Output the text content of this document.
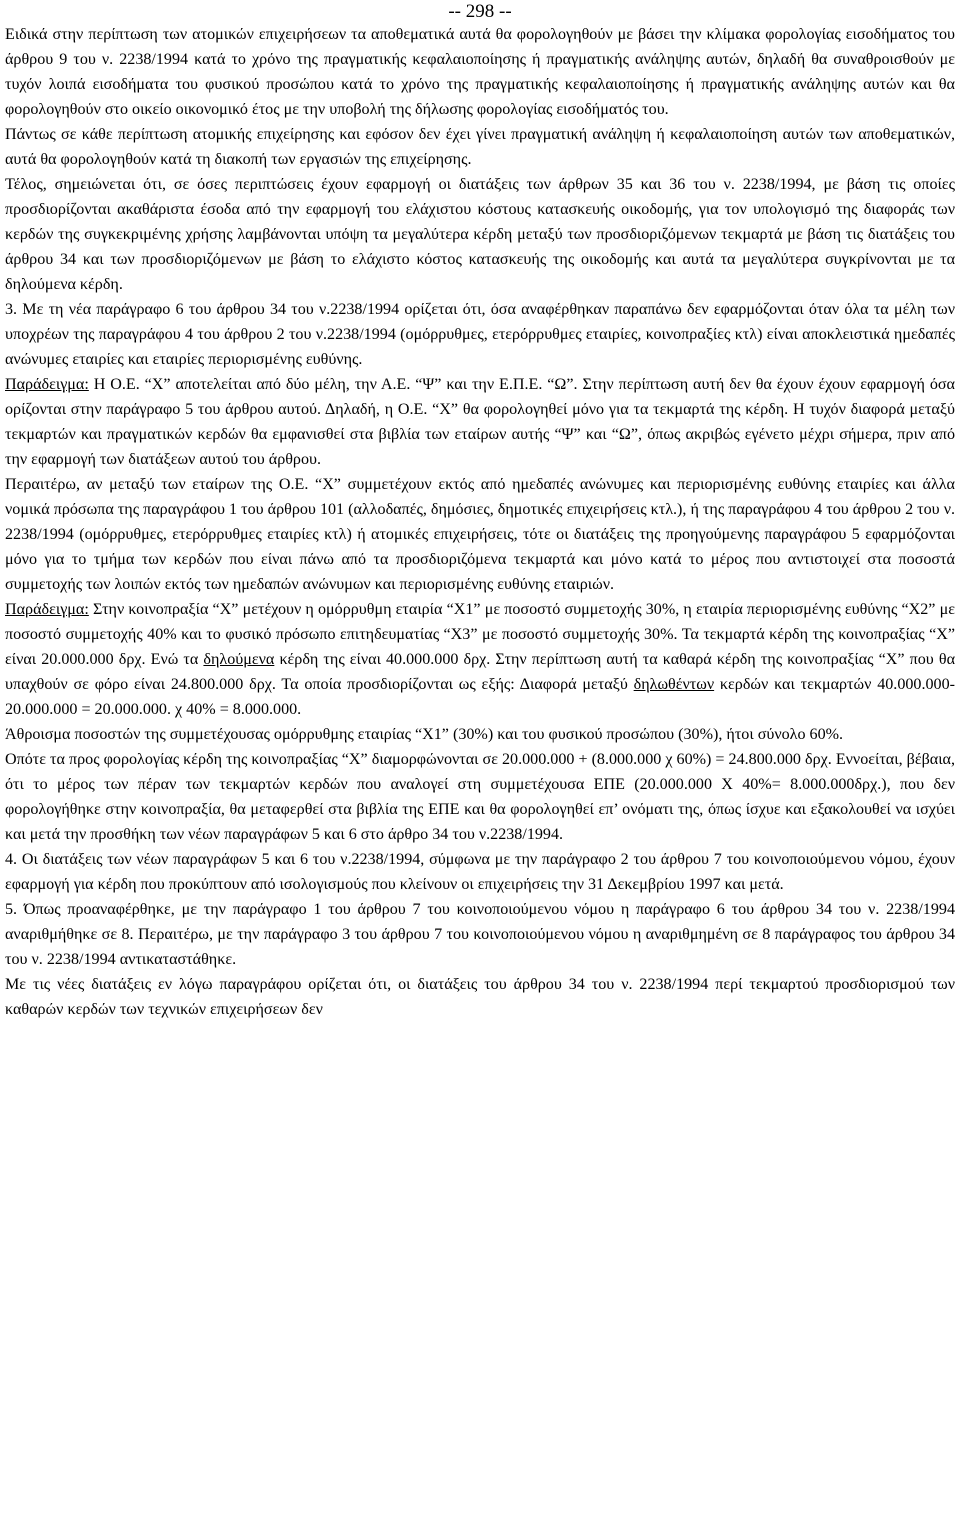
-- 298 --

Ειδικά στην περίπτωση των ατομικών επιχειρήσεων τα αποθεματικά αυτά θα φορολογηθούν με βάσει την κλίμακα φορολογίας εισοδήματος του άρθρου 9 του ν. 2238/1994 κατά το χρόνο της πραγματικής κεφαλαιοποίησης ή πραγματικής ανάληψης αυτών, δηλαδή θα συναθροισθούν με τυχόν λοιπά εισοδήματα του φυσικού προσώπου κατά το χρόνο της πραγματικής κεφαλαιοποίησης ή πραγματικής ανάληψης αυτών και θα φορολογηθούν στο οικείο οικονομικό έτος με την υποβολή της δήλωσης φορολογίας εισοδήματός του.

Πάντως σε κάθε περίπτωση ατομικής επιχείρησης και εφόσον δεν έχει γίνει πραγματική ανάληψη ή κεφαλαιοποίηση αυτών των αποθεματικών, αυτά θα φορολογηθούν κατά τη διακοπή των εργασιών της επιχείρησης.

Τέλος, σημειώνεται ότι, σε όσες περιπτώσεις έχουν εφαρμογή οι διατάξεις των άρθρων 35 και 36 του ν. 2238/1994, με βάση τις οποίες προσδιορίζονται ακαθάριστα έσοδα από την εφαρμογή του ελάχιστου κόστους κατασκευής οικοδομής, για τον υπολογισμό της διαφοράς των κερδών της συγκεκριμένης χρήσης λαμβάνονται υπόψη τα μεγαλύτερα κέρδη μεταξύ των προσδιοριζόμενων τεκμαρτά με βάση τις διατάξεις του άρθρου 34 και των προσδιοριζόμενων με βάση το ελάχιστο κόστος κατασκευής της οικοδομής και αυτά τα μεγαλύτερα συγκρίνονται με τα δηλούμενα κέρδη.

3. Με τη νέα παράγραφο 6 του άρθρου 34 του ν.2238/1994 ορίζεται ότι, όσα αναφέρθηκαν παραπάνω δεν εφαρμόζονται όταν όλα τα μέλη των υποχρέων της παραγράφου 4 του άρθρου 2 του ν.2238/1994 (ομόρρυθμες, ετερόρρυθμες εταιρίες, κοινοπραξίες κτλ) είναι αποκλειστικά ημεδαπές ανώνυμες εταιρίες και εταιρίες περιορισμένης ευθύνης.

Παράδειγμα: Η Ο.Ε. “Χ” αποτελείται από δύο μέλη, την Α.Ε. “Ψ” και την Ε.Π.Ε. “Ω”. Στην περίπτωση αυτή δεν θα έχουν έχουν εφαρμογή όσα ορίζονται στην παράγραφο 5 του άρθρου αυτού. Δηλαδή, η Ο.Ε. “Χ” θα φορολογηθεί μόνο για τα τεκμαρτά της κέρδη. Η τυχόν διαφορά μεταξύ τεκμαρτών και πραγματικών κερδών θα εμφανισθεί στα βιβλία των εταίρων αυτής “Ψ” και “Ω”, όπως ακριβώς εγένετο μέχρι σήμερα, πριν από την εφαρμογή των διατάξεων αυτού του άρθρου.

Περαιτέρω, αν μεταξύ των εταίρων της Ο.Ε. “Χ” συμμετέχουν εκτός από ημεδαπές ανώνυμες και περιορισμένης ευθύνης εταιρίες και άλλα νομικά πρόσωπα της παραγράφου 1 του άρθρου 101 (αλλοδαπές, δημόσιες, δημοτικές επιχειρήσεις κτλ.), ή της παραγράφου 4 του άρθρου 2 του ν. 2238/1994 (ομόρρυθμες, ετερόρρυθμες εταιρίες κτλ) ή ατομικές επιχειρήσεις, τότε οι διατάξεις της προηγούμενης παραγράφου 5 εφαρμόζονται μόνο για το τμήμα των κερδών που είναι πάνω από τα προσδιοριζόμενα τεκμαρτά και μόνο κατά το μέρος που αντιστοιχεί στα ποσοστά συμμετοχής των λοιπών εκτός των ημεδαπών ανώνυμων και περιορισμένης ευθύνης εταιριών.

Παράδειγμα: Στην κοινοπραξία “Χ” μετέχουν η ομόρρυθμη εταιρία “Χ1” με ποσοστό συμμετοχής 30%, η εταιρία περιορισμένης ευθύνης “Χ2” με ποσοστό συμμετοχής 40% και το φυσικό πρόσωπο επιτηδευματίας “Χ3” με ποσοστό συμμετοχής 30%. Τα τεκμαρτά κέρδη της κοινοπραξίας “Χ” είναι 20.000.000 δρχ. Ενώ τα δηλούμενα κέρδη της είναι 40.000.000 δρχ. Στην περίπτωση αυτή τα καθαρά κέρδη της κοινοπραξίας “Χ” που θα υπαχθούν σε φόρο είναι 24.800.000 δρχ. Τα οποία προσδιορίζονται ως εξής: Διαφορά μεταξύ δηλωθέντων κερδών και τεκμαρτών 40.000.000-20.000.000 = 20.000.000. χ 40% = 8.000.000.

Άθροισμα ποσοστών της συμμετέχουσας ομόρρυθμης εταιρίας “Χ1” (30%) και του φυσικού προσώπου (30%), ήτοι σύνολο 60%.

Οπότε τα προς φορολογίας κέρδη της κοινοπραξίας “Χ” διαμορφώνονται σε 20.000.000 + (8.000.000 χ 60%) = 24.800.000 δρχ. Εννοείται, βέβαια, ότι το μέρος των πέραν των τεκμαρτών κερδών που αναλογεί στη συμμετέχουσα ΕΠΕ (20.000.000 Χ 40%= 8.000.000δρχ.), που δεν φορολογήθηκε στην κοινοπραξία, θα μεταφερθεί στα βιβλία της ΕΠΕ και θα φορολογηθεί επ’ ονόματι της, όπως ίσχυε και εξακολουθεί να ισχύει και μετά την προσθήκη των νέων παραγράφων 5 και 6 στο άρθρο 34 του ν.2238/1994.

4. Οι διατάξεις των νέων παραγράφων 5 και 6 του ν.2238/1994, σύμφωνα με την παράγραφο 2 του άρθρου 7 του κοινοποιούμενου νόμου, έχουν εφαρμογή για κέρδη που προκύπτουν από ισολογισμούς που κλείνουν οι επιχειρήσεις την 31 Δεκεμβρίου 1997 και μετά.

5. Όπως προαναφέρθηκε, με την παράγραφο 1 του άρθρου 7 του κοινοποιούμενου νόμου η παράγραφο 6 του άρθρου 34 του ν. 2238/1994 αναριθμήθηκε σε 8. Περαιτέρω, με την παράγραφο 3 του άρθρου 7 του κοινοποιούμενου νόμου η αναριθμημένη σε 8 παράγραφος του άρθρου 34 του ν. 2238/1994 αντικαταστάθηκε.

Με τις νέες διατάξεις εν λόγω παραγράφου ορίζεται ότι, οι διατάξεις του άρθρου 34 του ν. 2238/1994 περί τεκμαρτού προσδιορισμού των καθαρών κερδών των τεχνικών επιχειρήσεων δεν
